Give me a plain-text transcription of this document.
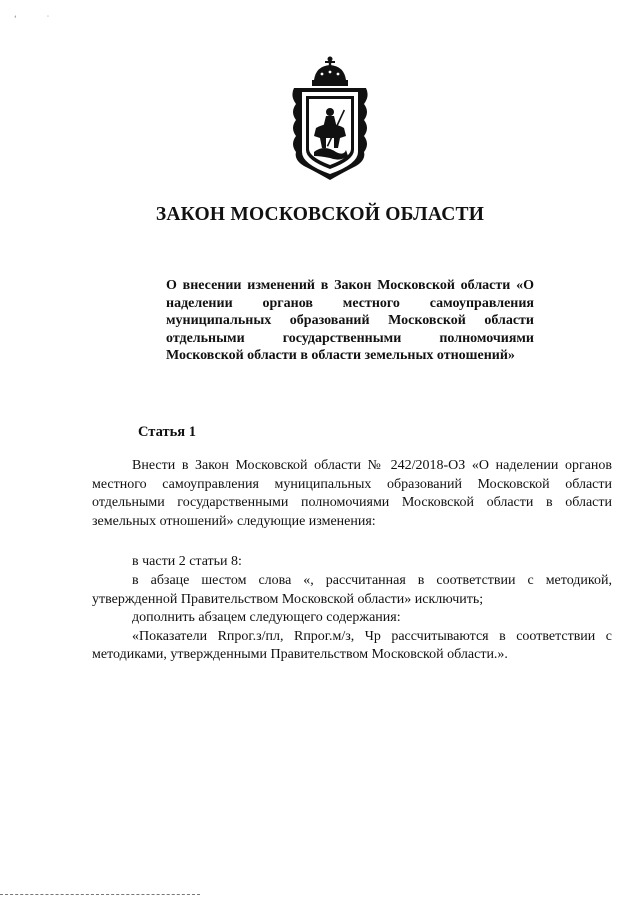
‘ ˙
ЗАКОН МОСКОВСКОЙ ОБЛАСТИ
О внесении изменений в Закон Московской области «О наделении органов местного самоуправления муниципальных образований Московской области отдельными государственными полномочиями Московской области в области земельных отношений»
Статья 1

Внести в Закон Московской области № 242/2018-ОЗ «О наделении органов местного самоуправления муниципальных образований Московской области отдельными государственными полномочиями Московской области в области земельных отношений» следующие изменения:

в части 2 статьи 8:

в абзаце шестом слова «, рассчитанная в соответствии с методикой, утвержденной Правительством Московской области» исключить;

дополнить абзацем следующего содержания:

«Показатели Rпрог.з/пл, Rпрог.м/з, Чр рассчитываются в соответствии с методиками, утвержденными Правительством Московской области.».
